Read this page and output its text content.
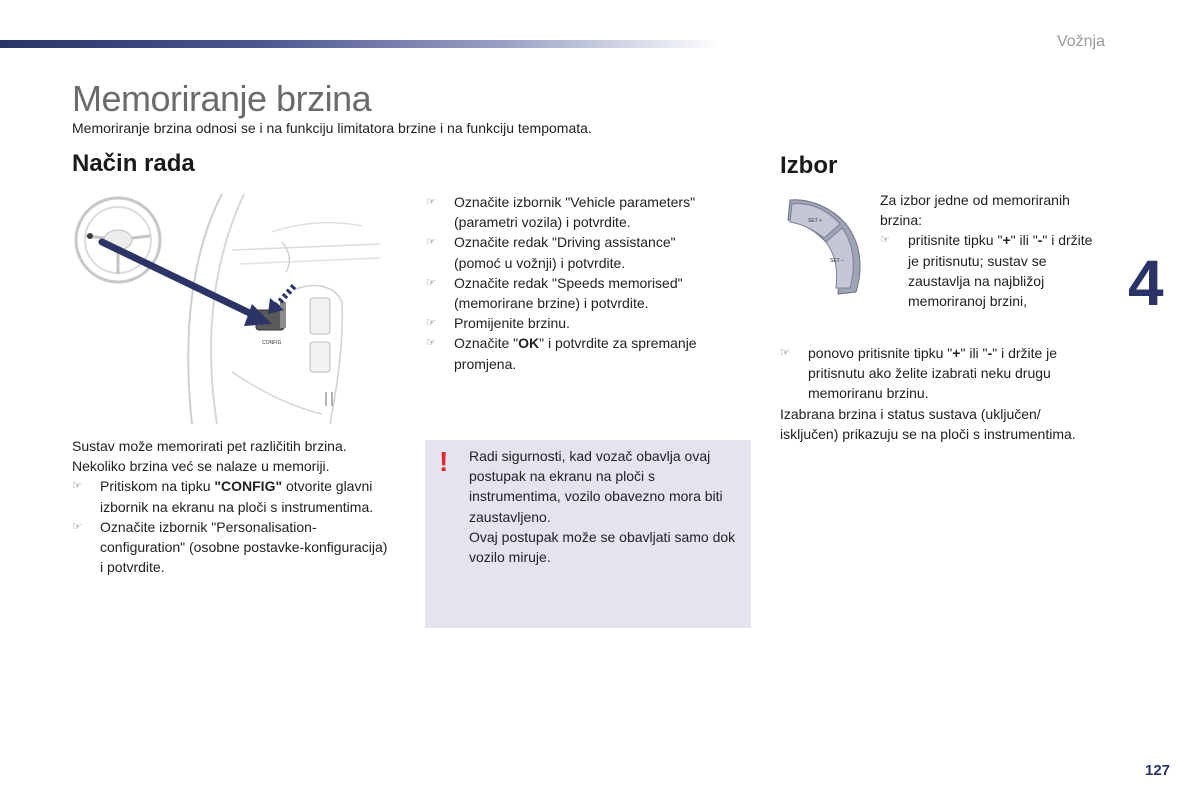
Vožnja
Memoriranje brzina
Memoriranje brzina odnosi se i na funkciju limitatora brzine i na funkciju tempomata.
Način rada
CONFIG

Sustav može memorirati pet različitih brzina.

Nekoliko brzina već se nalaze u memoriji.

☞	Pritiskom na tipku "CONFIG" otvorite glavni izbornik na ekranu na ploči s instrumentima.
☞	Označite izbornik "Personalisation-configuration" (osobne postavke-konfiguracija) i potvrdite.
☞	Označite izbornik "Vehicle parameters" (parametri vozila) i potvrdite.
☞	Označite redak "Driving assistance" (pomoć u vožnji) i potvrdite.
☞	Označite redak "Speeds memorised" (memorirane brzine) i potvrdite.
☞	Promijenite brzinu.
☞	Označite "OK" i potvrdite za spremanje promjena.
! Radi sigurnosti, kad vozač obavlja ovaj postupak na ekranu na ploči s instrumentima, vozilo obavezno mora biti zaustavljeno.

Ovaj postupak može se obavljati samo dok vozilo miruje.

Izbor
SET +
SET –

Za izbor jedne od memoriranih brzina:

☞	pritisnite tipku "+" ili "-" i držite je pritisnutu; sustav se zaustavlja na najbližoj memoriranoj brzini,
☞	ponovo pritisnite tipku "+" ili "-" i držite je pritisnutu ako želite izabrati neku drugu memoriranu brzinu.

Izabrana brzina i status sustava (uključen/ isključen) prikazuju se na ploči s instrumentima.

4
127
